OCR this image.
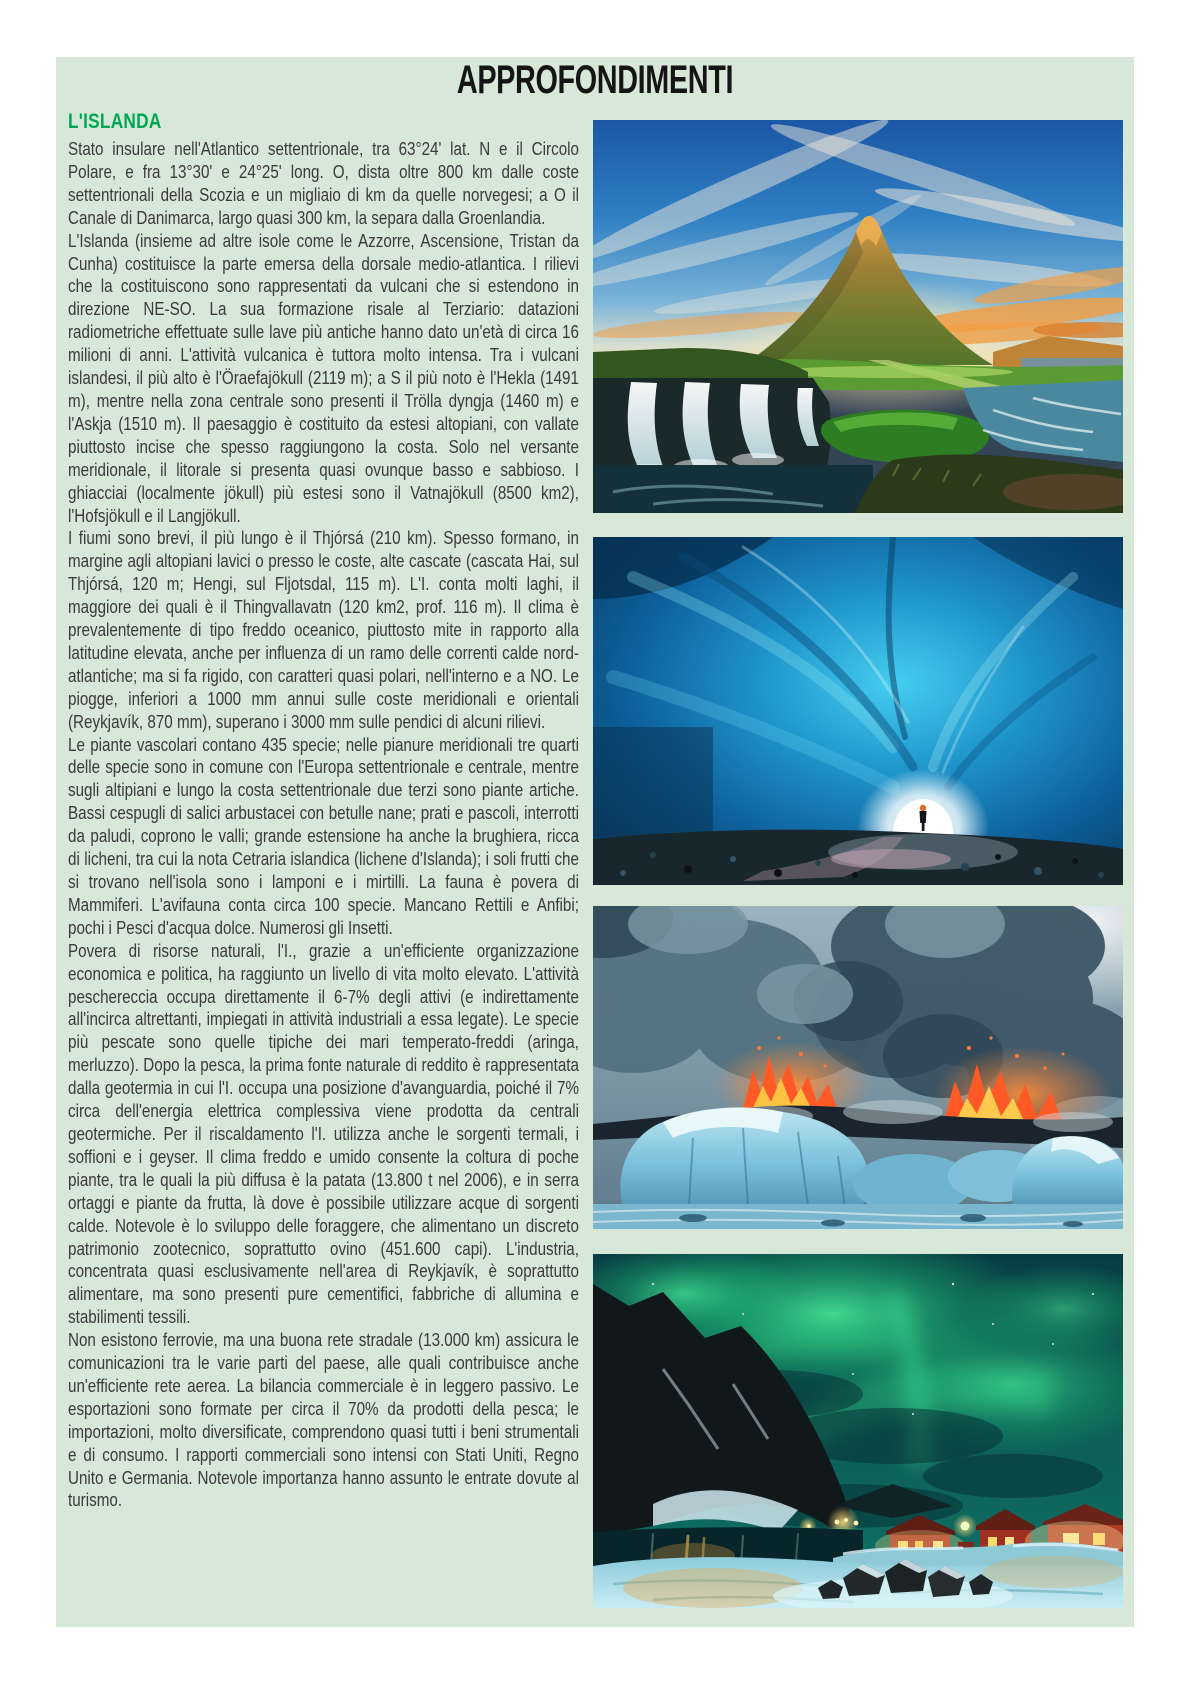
APPROFONDIMENTI
L'ISLANDA

Stato insulare nell'Atlantico settentrionale, tra 63°24' lat. N e il Circolo Polare, e fra 13°30' e 24°25' long. O, dista oltre 800 km dalle coste settentrionali della Scozia e un migliaio di km da quelle norvegesi; a O il Canale di Danimarca, largo quasi 300 km, la separa dalla Groenlandia.

L'Islanda (insieme ad altre isole come le Azzorre, Ascensione, Tristan da Cunha) costituisce la parte emersa della dorsale medio-atlantica. I rilievi che la costituiscono sono rappresentati da vulcani che si estendono in direzione NE-SO. La sua formazione risale al Terziario: datazioni radiometriche effettuate sulle lave più antiche hanno dato un'età di circa 16 milioni di anni. L'attività vulcanica è tuttora molto intensa. Tra i vulcani islandesi, il più alto è l'Öraefajökull (2119 m); a S il più noto è l'Hekla (1491 m), mentre nella zona centrale sono presenti il Trölla dyngja (1460 m) e l'Askja (1510 m). Il paesaggio è costituito da estesi altopiani, con vallate piuttosto incise che spesso raggiungono la costa. Solo nel versante meridionale, il litorale si presenta quasi ovunque basso e sabbioso. I ghiacciai (localmente jökull) più estesi sono il Vatnajökull (8500 km2), l'Hofsjökull e il Langjökull.

I fiumi sono brevi, il più lungo è il Thjórsá (210 km). Spesso formano, in margine agli altopiani lavici o presso le coste, alte cascate (cascata Hai, sul Thjórsá, 120 m; Hengi, sul Fljotsdal, 115 m). L'I. conta molti laghi, il maggiore dei quali è il Thingvallavatn (120 km2, prof. 116 m). Il clima è prevalentemente di tipo freddo oceanico, piuttosto mite in rapporto alla latitudine elevata, anche per influenza di un ramo delle correnti calde nord-atlantiche; ma si fa rigido, con caratteri quasi polari, nell'interno e a NO. Le piogge, inferiori a 1000 mm annui sulle coste meridionali e orientali (Reykjavík, 870 mm), superano i 3000 mm sulle pendici di alcuni rilievi.

Le piante vascolari contano 435 specie; nelle pianure meridionali tre quarti delle specie sono in comune con l'Europa settentrionale e centrale, mentre sugli altipiani e lungo la costa settentrionale due terzi sono piante artiche. Bassi cespugli di salici arbustacei con betulle nane; prati e pascoli, interrotti da paludi, coprono le valli; grande estensione ha anche la brughiera, ricca di licheni, tra cui la nota Cetraria islandica (lichene d'Islanda); i soli frutti che si trovano nell'isola sono i lamponi e i mirtilli. La fauna è povera di Mammiferi. L'avifauna conta circa 100 specie. Mancano Rettili e Anfibi; pochi i Pesci d'acqua dolce. Numerosi gli Insetti.

Povera di risorse naturali, l'I., grazie a un'efficiente organizzazione economica e politica, ha raggiunto un livello di vita molto elevato. L'attività peschereccia occupa direttamente il 6-7% degli attivi (e indirettamente all'incirca altrettanti, impiegati in attività industriali a essa legate). Le specie più pescate sono quelle tipiche dei mari temperato-freddi (aringa, merluzzo). Dopo la pesca, la prima fonte naturale di reddito è rappresentata dalla geotermia in cui l'I. occupa una posizione d'avanguardia, poiché il 7% circa dell'energia elettrica complessiva viene prodotta da centrali geotermiche. Per il riscaldamento l'I. utilizza anche le sorgenti termali, i soffioni e i geyser. Il clima freddo e umido consente la coltura di poche piante, tra le quali la più diffusa è la patata (13.800 t nel 2006), e in serra ortaggi e piante da frutta, là dove è possibile utilizzare acque di sorgenti calde. Notevole è lo sviluppo delle foraggere, che alimentano un discreto patrimonio zootecnico, soprattutto ovino (451.600 capi). L'industria, concentrata quasi esclusivamente nell'area di Reykjavík, è soprattutto alimentare, ma sono presenti pure cementifici, fabbriche di allumina e stabilimenti tessili.

Non esistono ferrovie, ma una buona rete stradale (13.000 km) assicura le comunicazioni tra le varie parti del paese, alle quali contribuisce anche un'efficiente rete aerea. La bilancia commerciale è in leggero passivo. Le esportazioni sono formate per circa il 70% da prodotti della pesca; le importazioni, molto diversificate, comprendono quasi tutti i beni strumentali e di consumo. I rapporti commerciali sono intensi con Stati Uniti, Regno Unito e Germania. Notevole importanza hanno assunto le entrate dovute al turismo.
